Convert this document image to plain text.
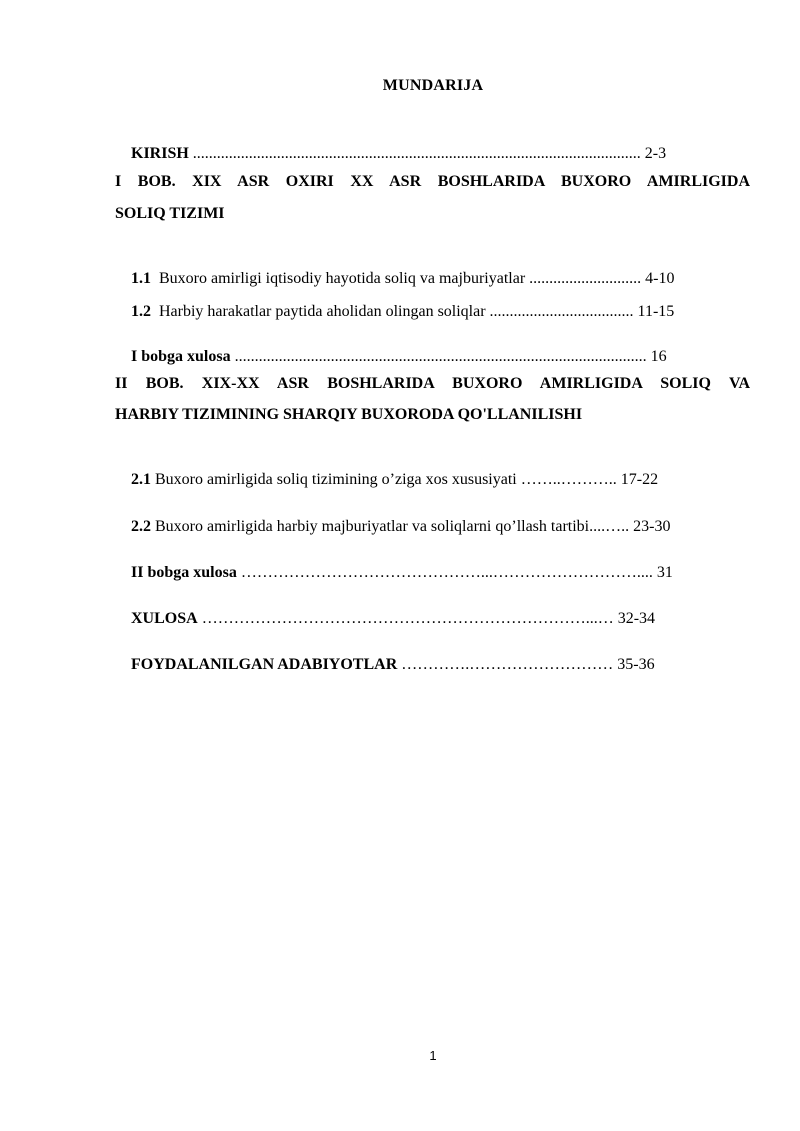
MUNDARIJA

KIRISH ................................................................................................................ 2-3

I BOB. XIX ASR OXIRI XX ASR BOSHLARIDA BUXORO AMIRLIGIDA
SOLIQ TIZIMI

1.1  Buxoro amirligi iqtisodiy hayotida soliq va majburiyatlar ............................ 4-10

1.2  Harbiy harakatlar paytida aholidan olingan soliqlar .................................... 11-15

I bobga xulosa ....................................................................................................... 16

II BOB. XIX-XX ASR BOSHLARIDA BUXORO AMIRLIGIDA SOLIQ VA
HARBIY TIZIMINING SHARQIY BUXORODA QO'LLANILISHI

2.1 Buxoro amirligida soliq tizimining o’ziga xos xususiyati ……..……….. 17-22

2.2 Buxoro amirligida harbiy majburiyatlar va soliqlarni qo’llash tartibi....….. 23-30

II bobga xulosa ………………………………………...……………………….... 31

XULOSA ………………………………………………………………...… 32-34

FOYDALANILGAN ADABIYOTLAR ………….……………………… 35-36

1
